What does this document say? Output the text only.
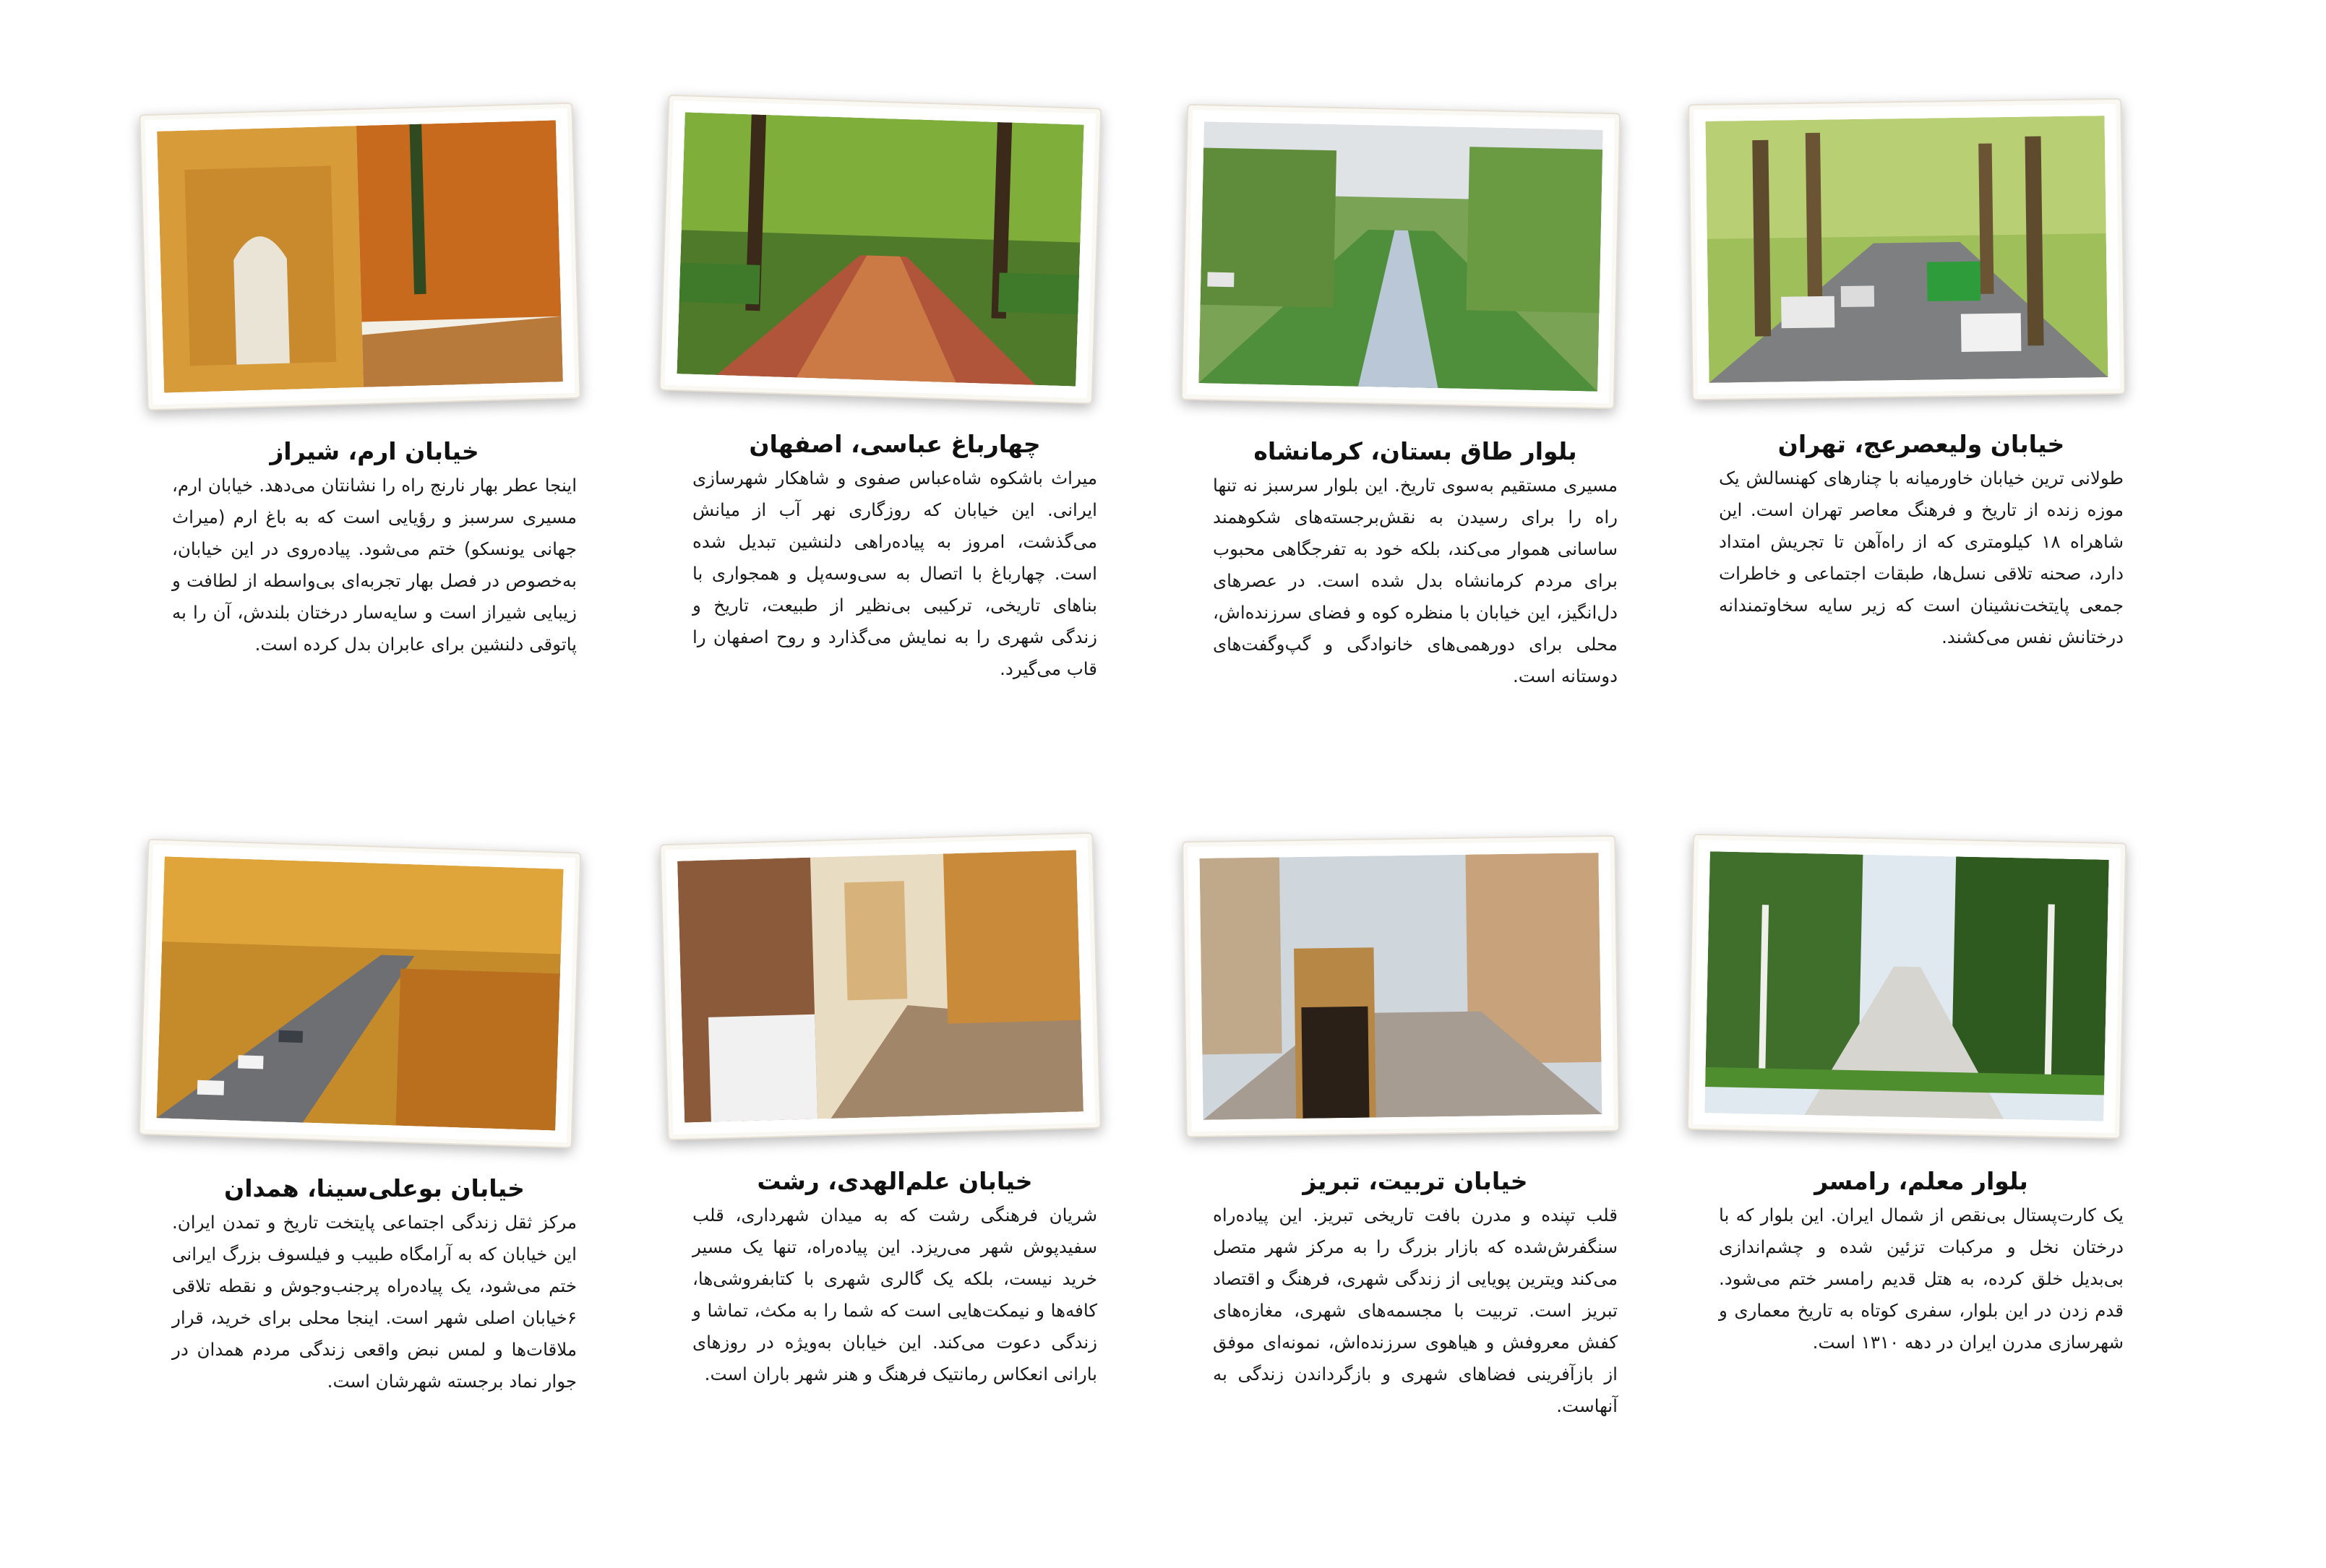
خیابان ولیعصرعج، تهران

طولانی ترین خیابان خاورمیانه با چنارهای کهنسالش یک موزه زنده از تاریخ و فرهنگ معاصر تهران است. این شاهراه ۱۸ کیلومتری که از راه‌آهن تا تجریش امتداد دارد، صحنه تلاقی نسل‌ها، طبقات اجتماعی و خاطرات جمعی پایتخت‌نشینان است که زیر سایه سخاوتمندانه درختانش نفس می‌کشند.

بلوار طاق بستان، کرمانشاه

مسیری مستقیم به‌سوی تاریخ. این بلوار سرسبز نه تنها راه را برای رسیدن به نقش‌برجسته‌های شکوهمند ساسانی هموار می‌کند، بلکه خود به تفرجگاهی محبوب برای مردم کرمانشاه بدل شده است. در عصرهای دل‌انگیز، این خیابان با منظره کوه و فضای سرزنده‌اش، محلی برای دورهمی‌های خانوادگی و گپ‌وگفت‌های دوستانه است.

چهارباغ عباسی، اصفهان

میراث باشکوه شاه‌عباس صفوی و شاهکار شهرسازی ایرانی. این خیابان که روزگاری نهر آب از میانش می‌گذشت، امروز به پیاده‌راهی دلنشین تبدیل شده است. چهارباغ با اتصال به سی‌وسه‌پل و همجواری با بناهای تاریخی، ترکیبی بی‌نظیر از طبیعت، تاریخ و زندگی شهری را به نمایش می‌گذارد و روح اصفهان را قاب می‌گیرد.

خیابان ارم، شیراز

اینجا عطر بهار نارنج راه را نشانتان می‌دهد. خیابان ارم، مسیری سرسبز و رؤیایی است که به باغ ارم (میراث جهانی یونسکو) ختم می‌شود. پیاده‌روی در این خیابان، به‌خصوص در فصل بهار تجربه‌ای بی‌واسطه از لطافت و زیبایی شیراز است و سایه‌سار درختان بلندش، آن را به پاتوقی دلنشین برای عابران بدل کرده است.

بلوار معلم، رامسر

یک کارت‌پستال بی‌نقص از شمال ایران. این بلوار که با درختان نخل و مرکبات تزئین شده و چشم‌اندازی بی‌بدیل خلق کرده، به هتل قدیم رامسر ختم می‌شود. قدم زدن در این بلوار، سفری کوتاه به تاریخ معماری و شهرسازی مدرن ایران در دهه ۱۳۱۰ است.

خیابان تربیت، تبریز

قلب تپنده و مدرن بافت تاریخی تبریز. این پیاده‌راه سنگفرش‌شده که بازار بزرگ را به مرکز شهر متصل می‌کند ویترین پویایی از زندگی شهری، فرهنگ و اقتصاد تبریز است. تربیت با مجسمه‌های شهری، مغازه‌های کفش معروفش و هیاهوی سرزنده‌اش، نمونه‌ای موفق از بازآفرینی فضاهای شهری و بازگرداندن زندگی به آنهاست.

خیابان علم‌الهدی، رشت

شریان فرهنگی رشت که به میدان شهرداری، قلب سفیدپوش شهر می‌ریزد. این پیاده‌راه، تنها یک مسیر خرید نیست، بلکه یک گالری شهری با کتابفروشی‌ها، کافه‌ها و نیمکت‌هایی است که شما را به مکث، تماشا و زندگی دعوت می‌کند. این خیابان به‌ویژه در روزهای بارانی انعکاس رمانتیک فرهنگ و هنر شهر باران است.

خیابان بوعلی‌سینا، همدان

مرکز ثقل زندگی اجتماعی پایتخت تاریخ و تمدن ایران. این خیابان که به آرامگاه طبیب و فیلسوف بزرگ ایرانی ختم می‌شود، یک پیاده‌راه پرجنب‌وجوش و نقطه تلاقی ۶خیابان اصلی شهر است. اینجا محلی برای خرید، قرار ملاقات‌ها و لمس نبض واقعی زندگی مردم همدان در جوار نماد برجسته شهرشان است.
